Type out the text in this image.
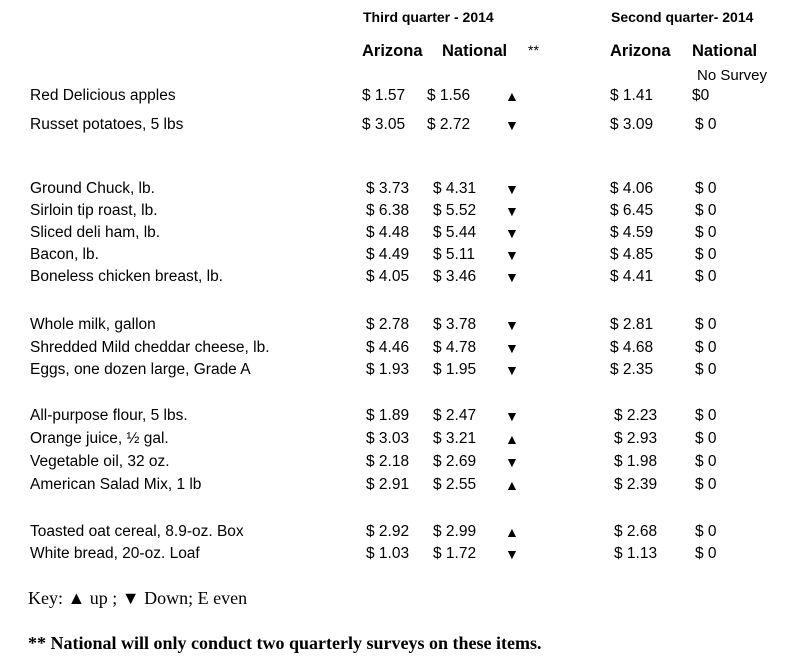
Third quarter - 2014	Second quarter- 2014
Arizona National **	Arizona National
No Survey
Red Delicious apples	$ 1.57 $ 1.56 ▲	$ 1.41	$0
Russet potatoes, 5 lbs	$ 3.05 $ 2.72 ▼	$ 3.09	$ 0
Ground Chuck, lb.	$ 3.73 $ 4.31 ▼	$ 4.06	$ 0
Sirloin tip roast, lb.	$ 6.38 $ 5.52 ▼	$ 6.45	$ 0
Sliced deli ham, lb.	$ 4.48 $ 5.44 ▼	$ 4.59	$ 0
Bacon, lb.	$ 4.49 $ 5.11 ▼	$ 4.85	$ 0
Boneless chicken breast, lb.	$ 4.05 $ 3.46 ▼	$ 4.41	$ 0
Whole milk, gallon	$ 2.78 $ 3.78 ▼	$ 2.81	$ 0
Shredded Mild cheddar cheese, lb.	$ 4.46 $ 4.78 ▼	$ 4.68	$ 0
Eggs, one dozen large, Grade A	$ 1.93 $ 1.95 ▼	$ 2.35	$ 0
All-purpose flour, 5 lbs.	$ 1.89 $ 2.47 ▼	$ 2.23 $ 0
Orange juice, ½ gal.	$ 3.03 $ 3.21 ▲	$ 2.93 $ 0
Vegetable oil, 32 oz.	$ 2.18 $ 2.69 ▼	$ 1.98 $ 0
American Salad Mix, 1 lb	$ 2.91 $ 2.55 ▲	$ 2.39 $ 0
Toasted oat cereal, 8.9-oz. Box	$ 2.92 $ 2.99 ▲	$ 2.68 $ 0
White bread, 20-oz. Loaf	$ 1.03 $ 1.72 ▼	$ 1.13 $ 0
Key: ▲ up ; ▼ Down; E even
** National will only conduct two quarterly surveys on these items.
